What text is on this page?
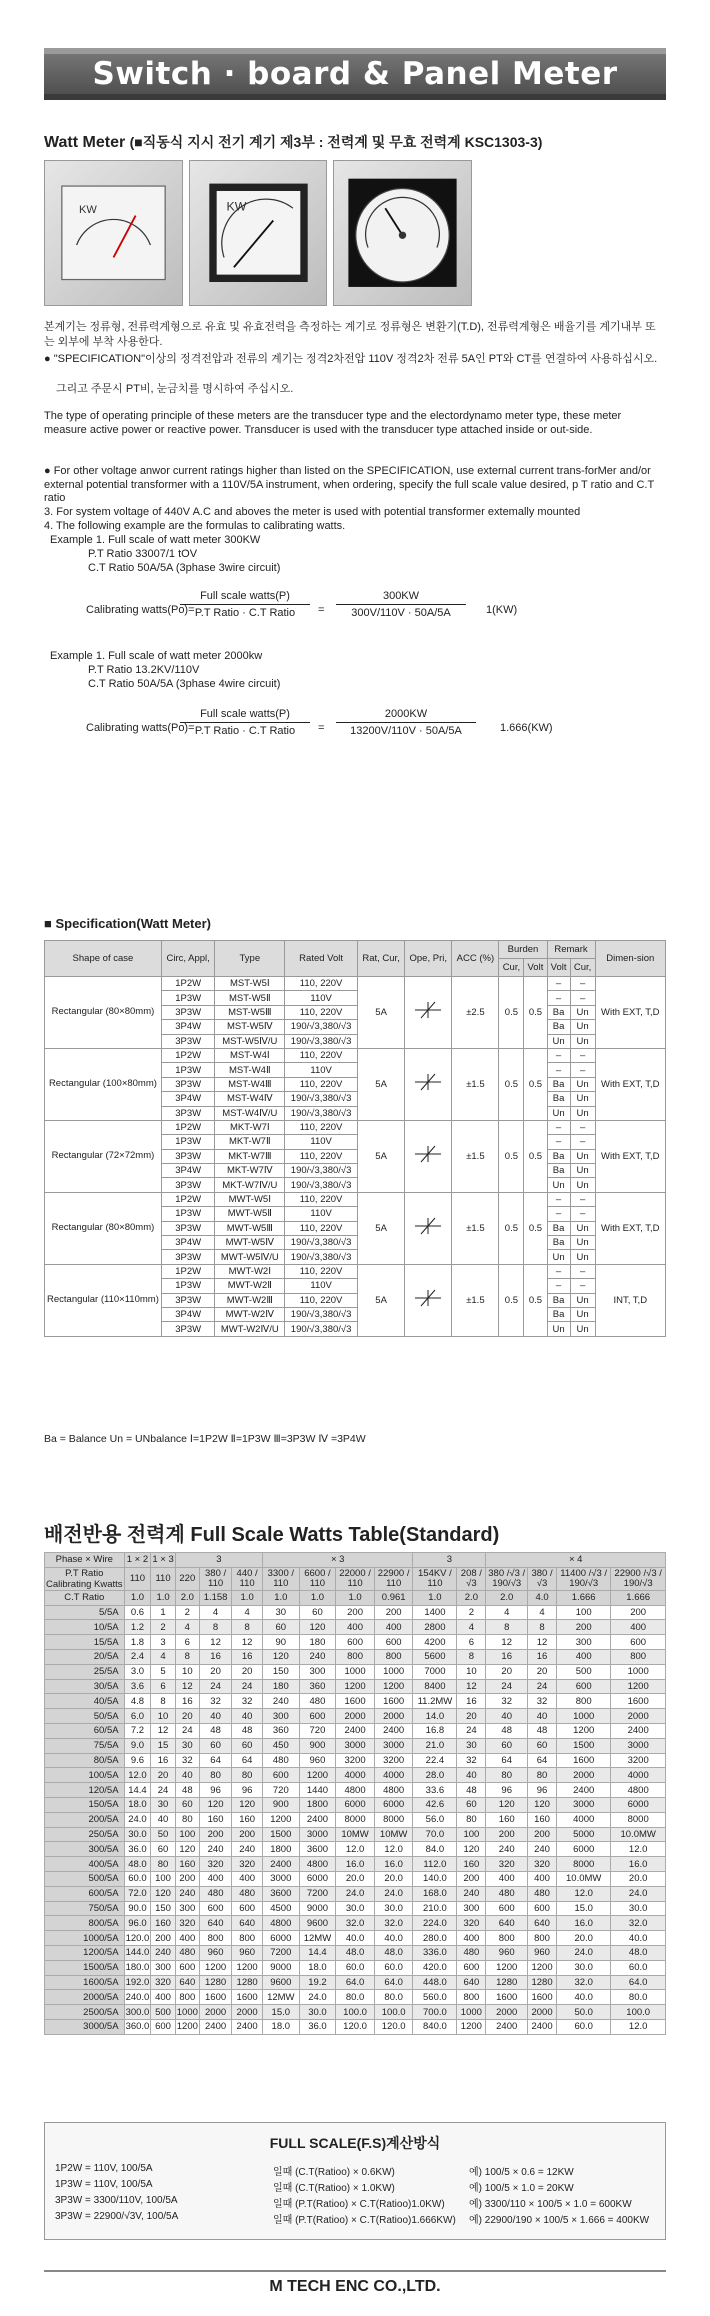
Switch · board & Panel Meter
Watt Meter (■직동식 지시 전기 계기 제3부 : 전력계 및 무효 전력계 KSC1303-3)
KW	KW
본계기는 정류형, 전류력계형으로 유효 및 유효전력을 측정하는 계기로 정류형은 변환기(T.D), 전류력계형은 배율기를 계기내부 또는 외부에 부착 사용한다.
● "SPECIFICATION"이상의 정격전압과 전류의 계기는 정격2차전압 110V 정격2차 전류 5A인 PT와 CT를 연결하여 사용하십시오.
그리고 주문시 PT비, 눈금치를 명시하여 주십시오.
The type of operating principle of these meters are the transducer type and the electordynamo meter type, these meter measure active power or reactive power. Transducer is used with the transducer type attached inside or out-side.
● For other voltage anwor current ratings higher than listed on the SPECIFICATION, use external current trans-forMer and/or external potential transformer with a 110V/5A instrument, when ordering, specify the full scale value desired, p T ratio and C.T ratio
3. For system voltage of 440V A.C and aboves the meter is used with potential transformer extemally mounted
4. The following example are the formulas to calibrating watts.
Example 1. Full scale of watt meter 300KW
P.T Ratio 33007/1 tOV
C.T Ratio 50A/5A (3phase 3wire circuit)
Calibrating watts(Po)=
Full scale watts(P)
P.T Ratio · C.T Ratio	=
300KW
300V/110V · 50A/5A	1(KW)
Example 1. Full scale of watt meter 2000kw
P.T Ratio 13.2KV/110V
C.T Ratio 50A/5A (3phase 4wire circuit)
Calibrating watts(Po)=
Full scale watts(P)
P.T Ratio · C.T Ratio	=
2000KW
13200V/110V · 50A/5A	1.666(KW)
■ Specification(Watt Meter)
Shape of case	Circ, Appl,	Type	Rated Volt	Rat, Cur,	Ope, Pri,	ACC (%)	Burden		Remark		Dimen-sion
							Cur,	Volt	Volt	Cur,	
Rectangular (80×80mm)	1P2W	MST-W5Ⅰ	110, 220V	5A		±2.5	0.5	0.5	–	–	With EXT, T,D
	1P3W	MST-W5Ⅱ	110V						–	–	
	3P3W	MST-W5Ⅲ	110, 220V						Ba	Un	
	3P4W	MST-W5Ⅳ	190/√3,380/√3						Ba	Un	
	3P3W	MST-W5Ⅳ/U	190/√3,380/√3						Un	Un	
Rectangular (100×80mm)	1P2W	MST-W4Ⅰ	110, 220V	5A		±1.5	0.5	0.5	–	–	With EXT, T,D
	1P3W	MST-W4Ⅱ	110V						–	–	
	3P3W	MST-W4Ⅲ	110, 220V						Ba	Un	
	3P4W	MST-W4Ⅳ	190/√3,380/√3						Ba	Un	
	3P3W	MST-W4Ⅳ/U	190/√3,380/√3						Un	Un	
Rectangular (72×72mm)	1P2W	MKT-W7Ⅰ	110, 220V	5A		±1.5	0.5	0.5	–	–	With EXT, T,D
	1P3W	MKT-W7Ⅱ	110V						–	–	
	3P3W	MKT-W7Ⅲ	110, 220V						Ba	Un	
	3P4W	MKT-W7Ⅳ	190/√3,380/√3						Ba	Un	
	3P3W	MKT-W7Ⅳ/U	190/√3,380/√3						Un	Un	
Rectangular (80×80mm)	1P2W	MWT-W5Ⅰ	110, 220V	5A		±1.5	0.5	0.5	–	–	With EXT, T,D
	1P3W	MWT-W5Ⅱ	110V						–	–	
	3P3W	MWT-W5Ⅲ	110, 220V						Ba	Un	
	3P4W	MWT-W5Ⅳ	190/√3,380/√3						Ba	Un	
	3P3W	MWT-W5Ⅳ/U	190/√3,380/√3						Un	Un	
Rectangular (110×110mm)	1P2W	MWT-W2Ⅰ	110, 220V	5A		±1.5	0.5	0.5	–	–	INT, T,D
	1P3W	MWT-W2Ⅱ	110V						–	–	
	3P3W	MWT-W2Ⅲ	110, 220V						Ba	Un	
	3P4W	MWT-W2Ⅳ	190/√3,380/√3						Ba	Un	
	3P3W	MWT-W2Ⅳ/U	190/√3,380/√3						Un	Un	
Ba = Balance Un = UNbalance Ⅰ=1P2W Ⅱ=1P3W Ⅲ=3P3W Ⅳ =3P4W
배전반용 전력계 Full Scale Watts Table(Standard)
Phase × Wire	1 × 2	1 × 3	3			× 3				3		× 4			

P.T Ratio
Calibrating Kwatts	110	110	220	380 / 110	440 / 110	3300 / 110	6600 / 110	22000 / 110	22900 / 110	154KV / 110	208 / √3	380 /√3 / 190/√3	380 / √3	11400 /√3 / 190/√3	22900 /√3 / 190/√3
C.T Ratio	1.0	1.0	2.0	1.158	1.0	1.0	1.0	1.0	0.961	1.0	2.0	2.0	4.0	1.666	1.666
5/5A	0.6	1	2	4	4	30	60	200	200	1400	2	4	4	100	200
10/5A	1.2	2	4	8	8	60	120	400	400	2800	4	8	8	200	400
15/5A	1.8	3	6	12	12	90	180	600	600	4200	6	12	12	300	600
20/5A	2.4	4	8	16	16	120	240	800	800	5600	8	16	16	400	800
25/5A	3.0	5	10	20	20	150	300	1000	1000	7000	10	20	20	500	1000
30/5A	3.6	6	12	24	24	180	360	1200	1200	8400	12	24	24	600	1200
40/5A	4.8	8	16	32	32	240	480	1600	1600	11.2MW	16	32	32	800	1600
50/5A	6.0	10	20	40	40	300	600	2000	2000	14.0	20	40	40	1000	2000
60/5A	7.2	12	24	48	48	360	720	2400	2400	16.8	24	48	48	1200	2400
75/5A	9.0	15	30	60	60	450	900	3000	3000	21.0	30	60	60	1500	3000
80/5A	9.6	16	32	64	64	480	960	3200	3200	22.4	32	64	64	1600	3200
100/5A	12.0	20	40	80	80	600	1200	4000	4000	28.0	40	80	80	2000	4000
120/5A	14.4	24	48	96	96	720	1440	4800	4800	33.6	48	96	96	2400	4800
150/5A	18.0	30	60	120	120	900	1800	6000	6000	42.6	60	120	120	3000	6000
200/5A	24.0	40	80	160	160	1200	2400	8000	8000	56.0	80	160	160	4000	8000
250/5A	30.0	50	100	200	200	1500	3000	10MW	10MW	70.0	100	200	200	5000	10.0MW
300/5A	36.0	60	120	240	240	1800	3600	12.0	12.0	84.0	120	240	240	6000	12.0
400/5A	48.0	80	160	320	320	2400	4800	16.0	16.0	112.0	160	320	320	8000	16.0
500/5A	60.0	100	200	400	400	3000	6000	20.0	20.0	140.0	200	400	400	10.0MW	20.0
600/5A	72.0	120	240	480	480	3600	7200	24.0	24.0	168.0	240	480	480	12.0	24.0
750/5A	90.0	150	300	600	600	4500	9000	30.0	30.0	210.0	300	600	600	15.0	30.0
800/5A	96.0	160	320	640	640	4800	9600	32.0	32.0	224.0	320	640	640	16.0	32.0
1000/5A	120.0	200	400	800	800	6000	12MW	40.0	40.0	280.0	400	800	800	20.0	40.0
1200/5A	144.0	240	480	960	960	7200	14.4	48.0	48.0	336.0	480	960	960	24.0	48.0
1500/5A	180.0	300	600	1200	1200	9000	18.0	60.0	60.0	420.0	600	1200	1200	30.0	60.0
1600/5A	192.0	320	640	1280	1280	9600	19.2	64.0	64.0	448.0	640	1280	1280	32.0	64.0
2000/5A	240.0	400	800	1600	1600	12MW	24.0	80.0	80.0	560.0	800	1600	1600	40.0	80.0
2500/5A	300.0	500	1000	2000	2000	15.0	30.0	100.0	100.0	700.0	1000	2000	2000	50.0	100.0
3000/5A	360.0	600	1200	2400	2400	18.0	36.0	120.0	120.0	840.0	1200	2400	2400	60.0	12.0
FULL SCALE(F.S)계산방식
1P2W = 110V, 100/5A	일때 (C.T(Ratioo) × 0.6KW)	예) 100/5 × 0.6 = 12KW
1P3W = 110V, 100/5A	일때 (C.T(Ratioo) × 1.0KW)	예) 100/5 × 1.0 = 20KW
3P3W = 3300/110V, 100/5A	일때 (P.T(Ratioo) × C.T(Ratioo)1.0KW) 예) 3300/110 × 100/5 × 1.0 = 600KW
3P3W = 22900/√3V, 100/5A	일때 (P.T(Ratioo) × C.T(Ratioo)1.666KW) 예) 22900/190 × 100/5 × 1.666 = 400KW
M TECH ENC CO.,LTD.
